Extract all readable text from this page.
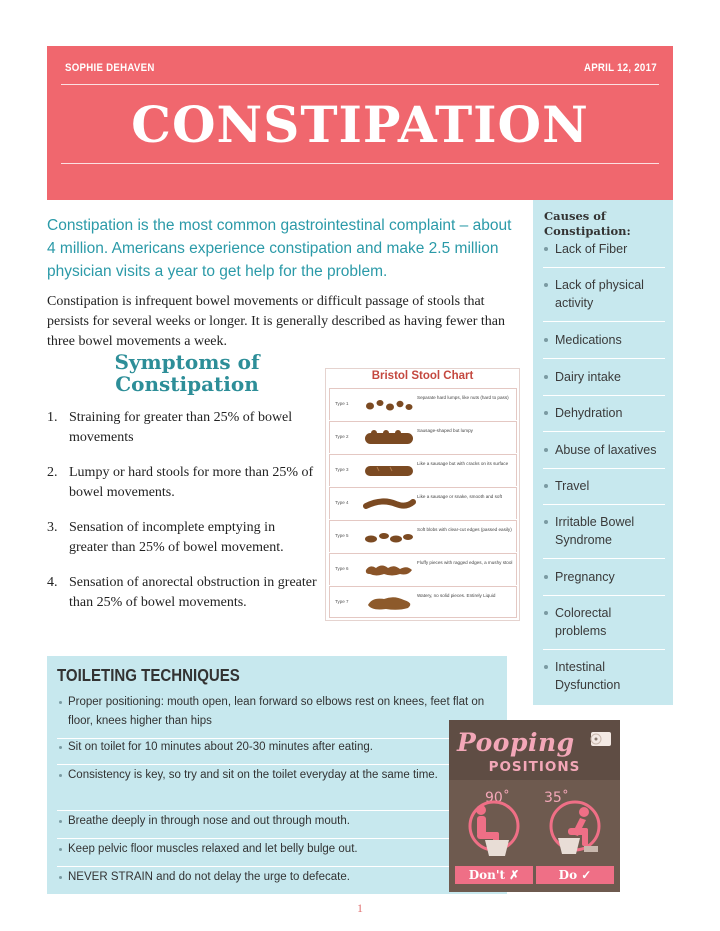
SOPHIE DEHAVEN	APRIL 12, 2017
CONSTIPATION

Constipation is the most common gastrointestinal complaint – about 4 million. Americans experience constipation and make 2.5 million physician visits a year to get help for the problem.

Constipation is infrequent bowel movements or difficult passage of stools that persists for several weeks or longer. It is generally described as having fewer than three bowel movements a week.

Symptoms of Constipation
1. Straining for greater than 25% of bowel movements
2. Lumpy or hard stools for more than 25% of bowel movements.
3. Sensation of incomplete emptying in greater than 25% of bowel movement.
4. Sensation of anorectal obstruction in greater than 25% of bowel movements.
Bristol Stool Chart
Type 1
Separate hard lumps, like nuts (hard to pass)
Type 2
Sausage-shaped but lumpy
Type 3
Like a sausage but with cracks on its surface
Type 4
Like a sausage or snake, smooth and soft
Type 5
Soft blobs with clear-cut edges (passed easily)
Type 6
Fluffy pieces with ragged edges, a mushy stool
Type 7
Watery, no solid pieces. Entirely Liquid
Causes of Constipation:
Lack of Fiber
Lack of physical activity
Medications
Dairy intake
Dehydration
Abuse of laxatives
Travel
Irritable Bowel Syndrome
Pregnancy
Colorectal problems
Intestinal Dysfunction
TOILETING TECHNIQUES
Proper positioning: mouth open, lean forward so elbows rest on knees, feet flat on floor, knees higher than hips
Sit on toilet for 10 minutes about 20-30 minutes after eating.
Consistency is key, so try and sit on the toilet everyday at the same time.
Breathe deeply in through nose and out through mouth.
Keep pelvic floor muscles relaxed and let belly bulge out.
NEVER STRAIN and do not delay the urge to defecate.
Pooping
POSITIONS
90˚
Don't ✗
35˚
Do ✓
1
